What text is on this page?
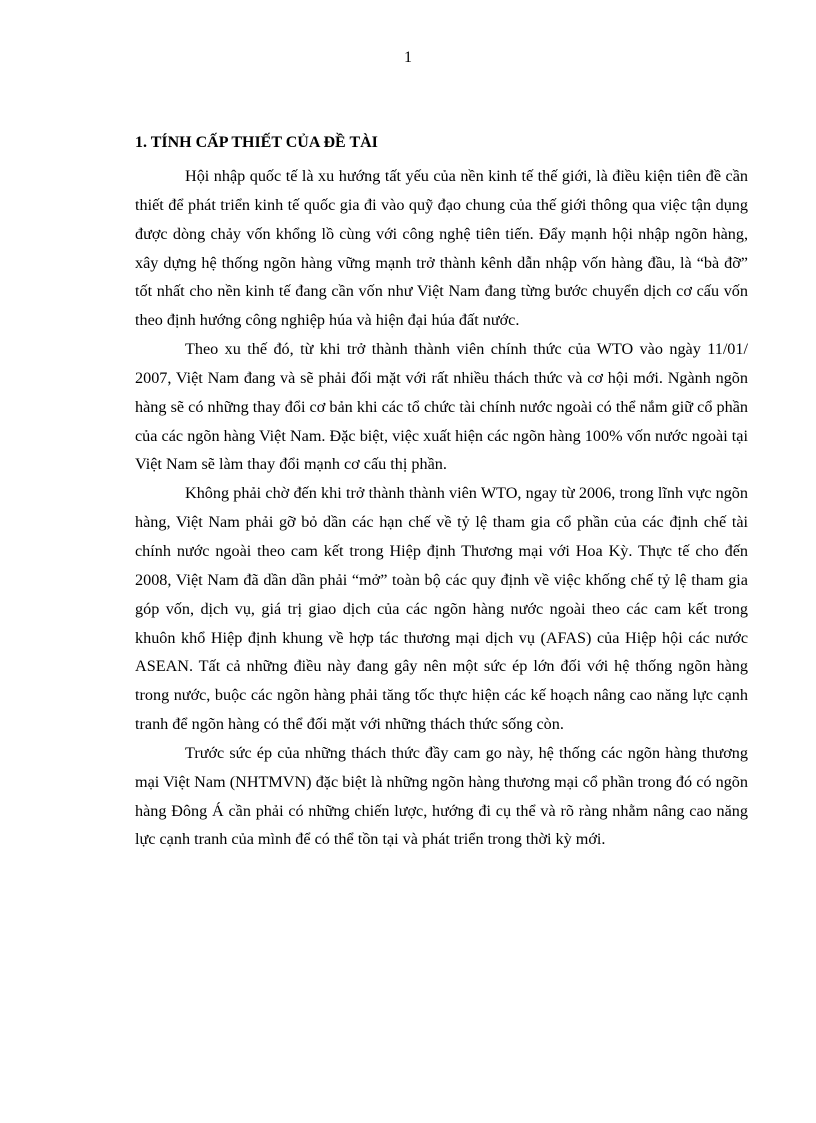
1
1. TÍNH CẤP THIẾT CỦA ĐỀ TÀI

Hội nhập quốc tế là xu hướng tất yếu của nền kinh tế thế giới, là điều kiện tiên đề cần thiết để phát triển kinh tế quốc gia đi vào quỹ đạo chung của thế giới thông qua việc tận dụng được dòng chảy vốn khổng lồ cùng với công nghệ tiên tiến. Đẩy mạnh hội nhập ngõn hàng, xây dựng hệ thống ngõn hàng vững mạnh trở thành kênh dẫn nhập vốn hàng đầu, là “bà đỡ” tốt nhất cho nền kinh tế đang cần vốn như Việt Nam đang từng bước chuyển dịch cơ cấu vốn theo định hướng công nghiệp húa và hiện đại húa đất nước.

Theo xu thế đó, từ khi trở thành thành viên chính thức của WTO vào ngày 11/01/ 2007, Việt Nam đang và sẽ phải đối mặt với rất nhiều thách thức và cơ hội mới. Ngành ngõn hàng sẽ có những thay đổi cơ bản khi các tổ chức tài chính nước ngoài có thể nắm giữ cổ phần của các ngõn hàng Việt Nam. Đặc biệt, việc xuất hiện các ngõn hàng 100% vốn nước ngoài tại Việt Nam sẽ làm thay đổi mạnh cơ cấu thị phần.

Không phải chờ đến khi trở thành thành viên WTO, ngay từ 2006, trong lĩnh vực ngõn hàng, Việt Nam phải gỡ bỏ dần các hạn chế về tỷ lệ tham gia cổ phần của các định chế tài chính nước ngoài theo cam kết trong Hiệp định Thương mại với Hoa Kỳ. Thực tế cho đến 2008, Việt Nam đã dần dần phải “mở” toàn bộ các quy định về việc khống chế tỷ lệ tham gia góp vốn, dịch vụ, giá trị giao dịch của các ngõn hàng nước ngoài theo các cam kết trong khuôn khổ Hiệp định khung về hợp tác thương mại dịch vụ (AFAS) của Hiệp hội các nước ASEAN. Tất cả những điều này đang gây nên một sức ép lớn đối với hệ thống ngõn hàng trong nước, buộc các ngõn hàng phải tăng tốc thực hiện các kế hoạch nâng cao năng lực cạnh tranh để ngõn hàng có thể đối mặt với những thách thức sống còn.

Trước sức ép của những thách thức đầy cam go này, hệ thống các ngõn hàng thương mại Việt Nam (NHTMVN) đặc biệt là những ngõn hàng thương mại cổ phần trong đó có ngõn hàng Đông Á cần phải có những chiến lược, hướng đi cụ thể và rõ ràng nhằm nâng cao năng lực cạnh tranh của mình để có thể tồn tại và phát triển trong thời kỳ mới.
